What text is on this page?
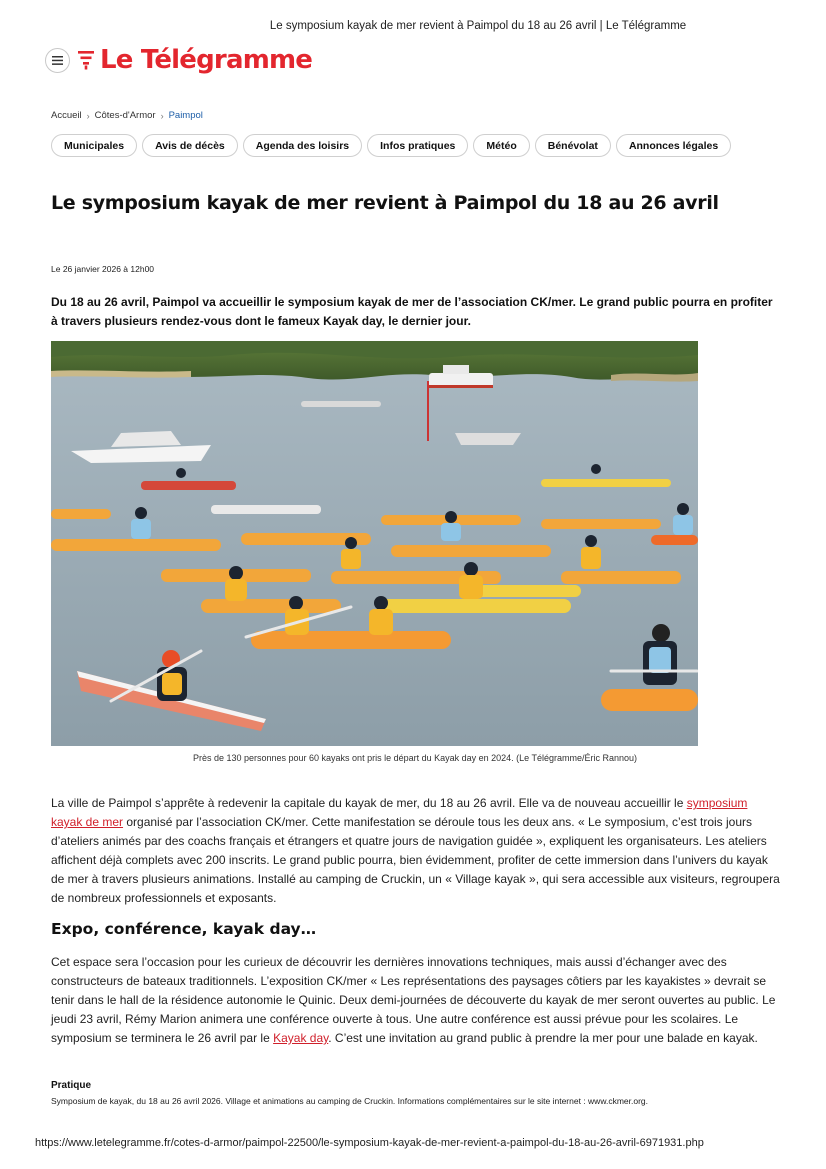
Le symposium kayak de mer revient à Paimpol du 18 au 26 avril | Le Télégramme
Le Télégramme
Accueil › Côtes-d'Armor › Paimpol
Municipales	Avis de décès	Agenda des loisirs	Infos pratiques	Météo	Bénévolat	Annonces légales
Le symposium kayak de mer revient à Paimpol du 18 au 26 avril
Le 26 janvier 2026 à 12h00

Du 18 au 26 avril, Paimpol va accueillir le symposium kayak de mer de l’association CK/mer. Le grand public pourra en profiter à travers plusieurs rendez-vous dont le fameux Kayak day, le dernier jour.

Près de 130 personnes pour 60 kayaks ont pris le départ du Kayak day en 2024. (Le Télégramme/Éric Rannou)

La ville de Paimpol s’apprête à redevenir la capitale du kayak de mer, du 18 au 26 avril. Elle va de nouveau accueillir le symposium kayak de mer organisé par l’association CK/mer. Cette manifestation se déroule tous les deux ans. « Le symposium, c’est trois jours d’ateliers animés par des coachs français et étrangers et quatre jours de navigation guidée », expliquent les organisateurs. Les ateliers affichent déjà complets avec 200 inscrits. Le grand public pourra, bien évidemment, profiter de cette immersion dans l’univers du kayak de mer à travers plusieurs animations. Installé au camping de Cruckin, un « Village kayak », qui sera accessible aux visiteurs, regroupera de nombreux professionnels et exposants.

Expo, conférence, kayak day…

Cet espace sera l’occasion pour les curieux de découvrir les dernières innovations techniques, mais aussi d’échanger avec des constructeurs de bateaux traditionnels. L’exposition CK/mer « Les représentations des paysages côtiers par les kayakistes » devrait se tenir dans le hall de la résidence autonomie le Quinic. Deux demi-journées de découverte du kayak de mer seront ouvertes au public. Le jeudi 23 avril, Rémy Marion animera une conférence ouverte à tous. Une autre conférence est aussi prévue pour les scolaires. Le symposium se terminera le 26 avril par le Kayak day. C’est une invitation au grand public à prendre la mer pour une balade en kayak.

Pratique
Symposium de kayak, du 18 au 26 avril 2026. Village et animations au camping de Cruckin. Informations complémentaires sur le site internet : www.ckmer.org.
https://www.letelegramme.fr/cotes-d-armor/paimpol-22500/le-symposium-kayak-de-mer-revient-a-paimpol-du-18-au-26-avril-6971931.php
